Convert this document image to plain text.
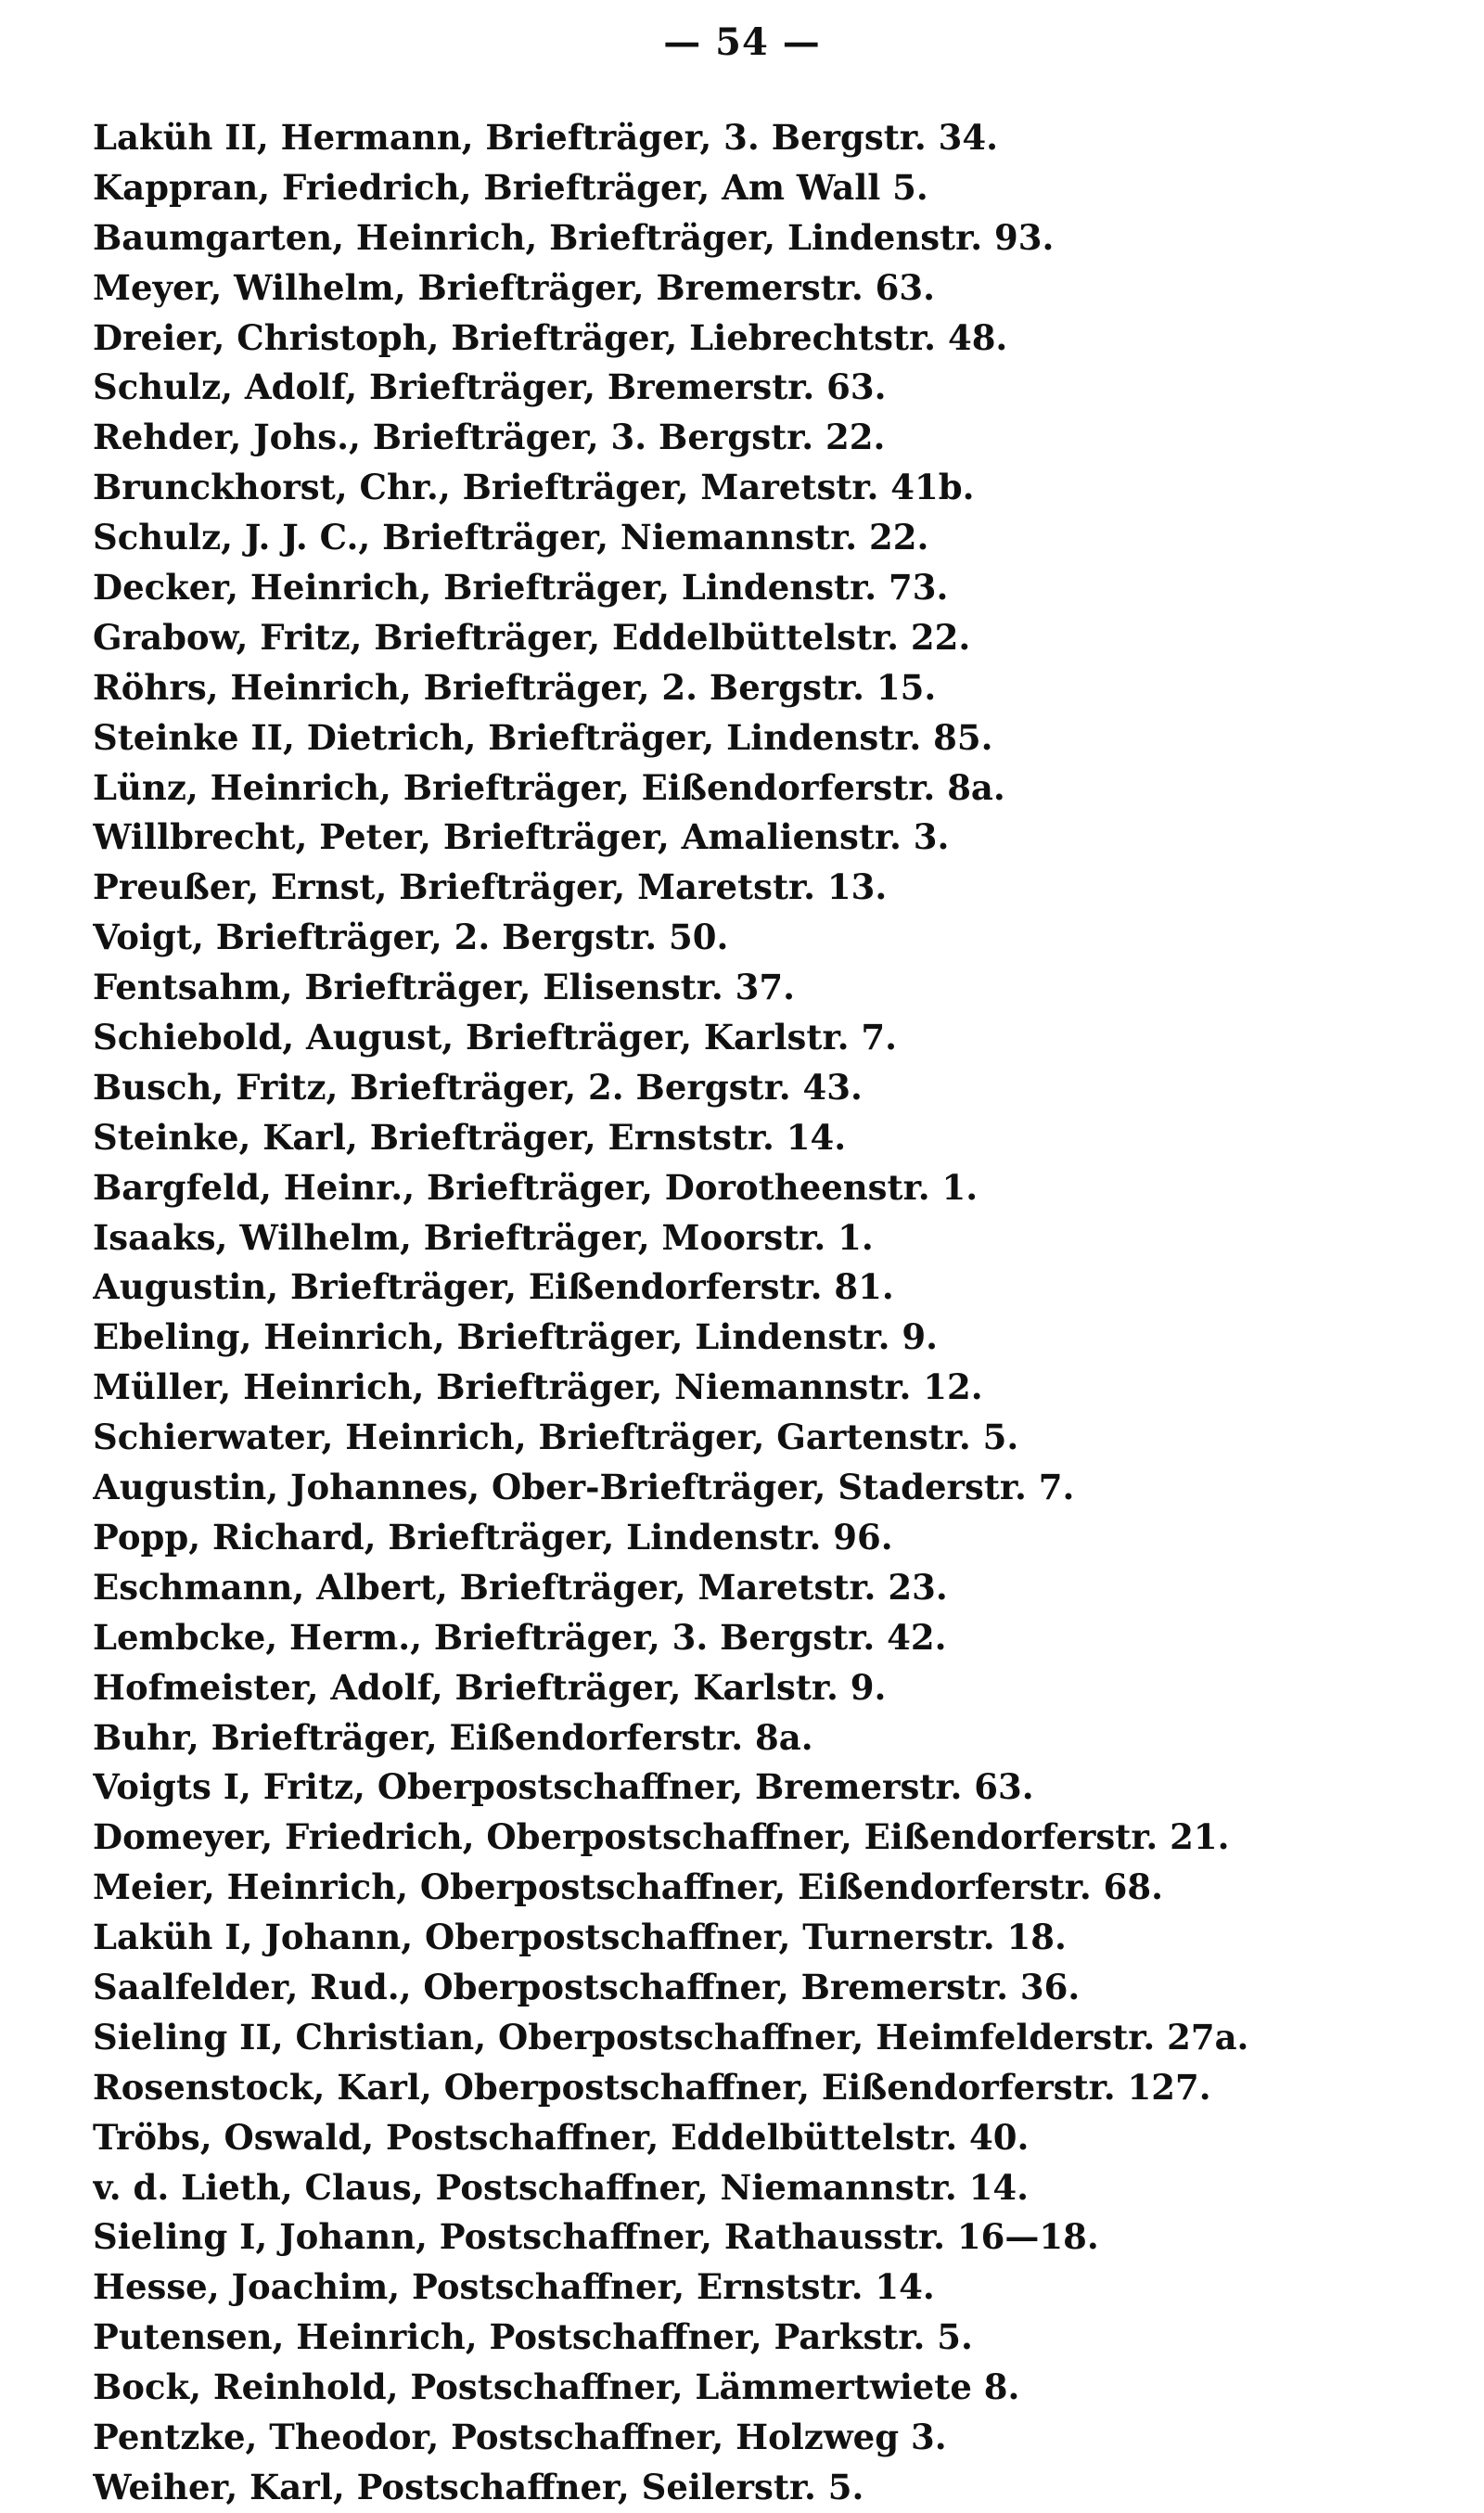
— 54 —
Laküh II, Hermann, Briefträger, 3. Bergstr. 34.
Kappran, Friedrich, Briefträger, Am Wall 5.
Baumgarten, Heinrich, Briefträger, Lindenstr. 93.
Meyer, Wilhelm, Briefträger, Bremerstr. 63.
Dreier, Christoph, Briefträger, Liebrechtstr. 48.
Schulz, Adolf, Briefträger, Bremerstr. 63.
Rehder, Johs., Briefträger, 3. Bergstr. 22.
Brunckhorst, Chr., Briefträger, Maretstr. 41b.
Schulz, J. J. C., Briefträger, Niemannstr. 22.
Decker, Heinrich, Briefträger, Lindenstr. 73.
Grabow, Fritz, Briefträger, Eddelbüttelstr. 22.
Röhrs, Heinrich, Briefträger, 2. Bergstr. 15.
Steinke II, Dietrich, Briefträger, Lindenstr. 85.
Lünz, Heinrich, Briefträger, Eißendorferstr. 8a.
Willbrecht, Peter, Briefträger, Amalienstr. 3.
Preußer, Ernst, Briefträger, Maretstr. 13.
Voigt, Briefträger, 2. Bergstr. 50.
Fentsahm, Briefträger, Elisenstr. 37.
Schiebold, August, Briefträger, Karlstr. 7.
Busch, Fritz, Briefträger, 2. Bergstr. 43.
Steinke, Karl, Briefträger, Ernststr. 14.
Bargfeld, Heinr., Briefträger, Dorotheenstr. 1.
Isaaks, Wilhelm, Briefträger, Moorstr. 1.
Augustin, Briefträger, Eißendorferstr. 81.
Ebeling, Heinrich, Briefträger, Lindenstr. 9.
Müller, Heinrich, Briefträger, Niemannstr. 12.
Schierwater, Heinrich, Briefträger, Gartenstr. 5.
Augustin, Johannes, Ober-Briefträger, Staderstr. 7.
Popp, Richard, Briefträger, Lindenstr. 96.
Eschmann, Albert, Briefträger, Maretstr. 23.
Lembcke, Herm., Briefträger, 3. Bergstr. 42.
Hofmeister, Adolf, Briefträger, Karlstr. 9.
Buhr, Briefträger, Eißendorferstr. 8a.
Voigts I, Fritz, Oberpostschaffner, Bremerstr. 63.
Domeyer, Friedrich, Oberpostschaffner, Eißendorferstr. 21.
Meier, Heinrich, Oberpostschaffner, Eißendorferstr. 68.
Laküh I, Johann, Oberpostschaffner, Turnerstr. 18.
Saalfelder, Rud., Oberpostschaffner, Bremerstr. 36.
Sieling II, Christian, Oberpostschaffner, Heimfelderstr. 27a.
Rosenstock, Karl, Oberpostschaffner, Eißendorferstr. 127.
Tröbs, Oswald, Postschaffner, Eddelbüttelstr. 40.
v. d. Lieth, Claus, Postschaffner, Niemannstr. 14.
Sieling I, Johann, Postschaffner, Rathausstr. 16—18.
Hesse, Joachim, Postschaffner, Ernststr. 14.
Putensen, Heinrich, Postschaffner, Parkstr. 5.
Bock, Reinhold, Postschaffner, Lämmertwiete 8.
Pentzke, Theodor, Postschaffner, Holzweg 3.
Weiher, Karl, Postschaffner, Seilerstr. 5.
